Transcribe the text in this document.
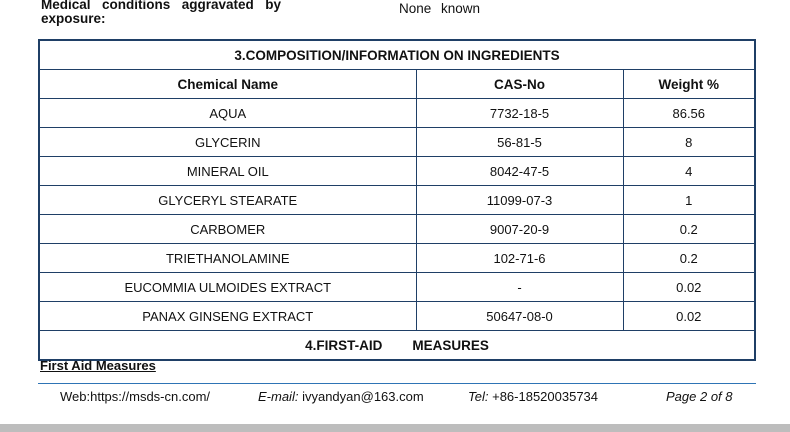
Medical conditions aggravated by
exposure:
None known
3.COMPOSITION/INFORMATION ON INGREDIENTS		
Chemical Name	CAS-No	Weight %
AQUA	7732-18-5	86.56
GLYCERIN	56-81-5	8
MINERAL OIL	8042-47-5	4
GLYCERYL STEARATE	11099-07-3	1
CARBOMER	9007-20-9	0.2
TRIETHANOLAMINE	102-71-6	0.2
EUCOMMIA ULMOIDES EXTRACT	-	0.02
PANAX GINSENG EXTRACT	50647-08-0	0.02
4.FIRST-AID MEASURES		
First Aid Measures
Web:https://msds-cn.com/	E-mail: ivyandyan@163.com	Tel: +86-18520035734	Page 2 of 8
